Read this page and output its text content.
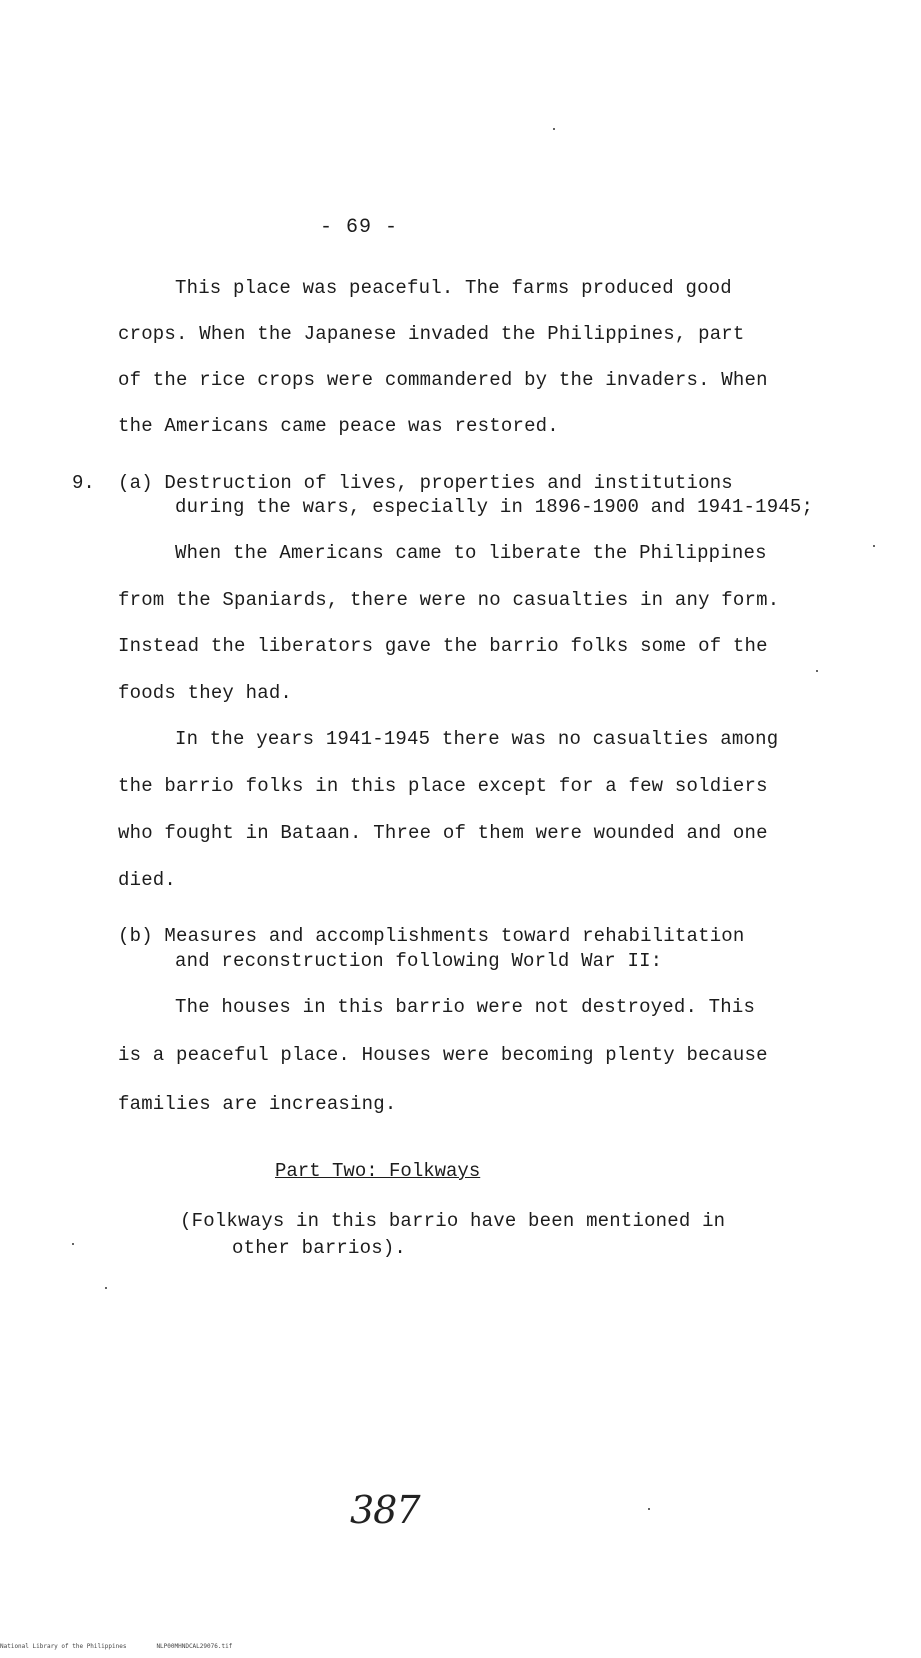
- 69 -
This place was peaceful. The farms produced good
crops. When the Japanese invaded the Philippines, part
of the rice crops were commandered by the invaders. When
the Americans came peace was restored.
9. (a) Destruction of lives, properties and institutions
during the wars, especially in 1896-1900 and 1941-1945;
When the Americans came to liberate the Philippines
from the Spaniards, there were no casualties in any form.
Instead the liberators gave the barrio folks some of the
foods they had.
In the years 1941-1945 there was no casualties among
the barrio folks in this place except for a few soldiers
who fought in Bataan. Three of them were wounded and one
died.
(b) Measures and accomplishments toward rehabilitation
and reconstruction following World War II:
The houses in this barrio were not destroyed. This
is a peaceful place. Houses were becoming plenty because
families are increasing.
Part Two: Folkways
(Folkways in this barrio have been mentioned in
other barrios).
387
National Library of the Philippines	NLP00MHNDCAL29076.tif
